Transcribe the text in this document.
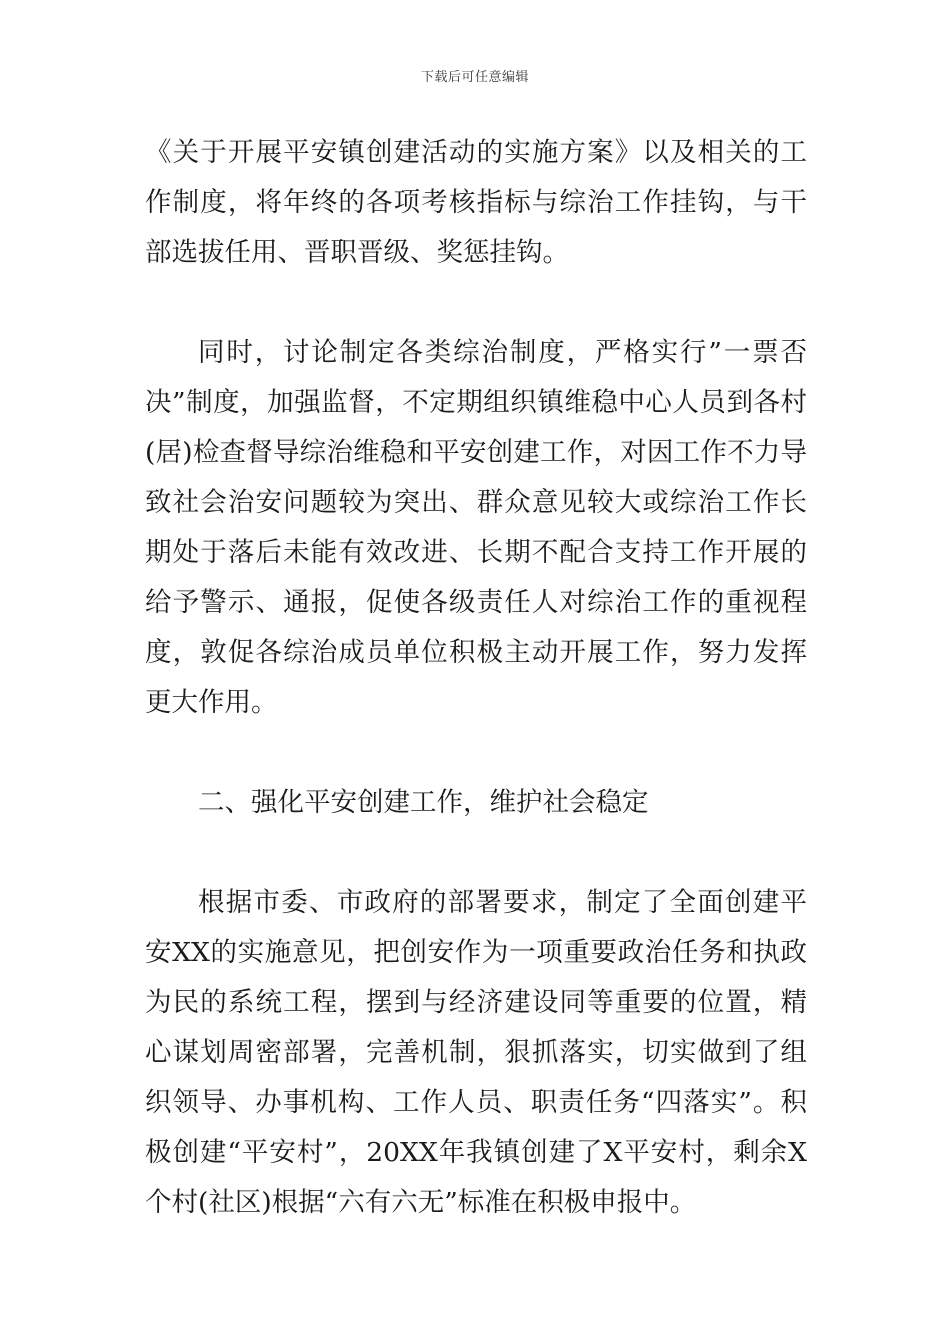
下载后可任意编辑

《关于开展平安镇创建活动的实施方案》以及相关的工作制度，将年终的各项考核指标与综治工作挂钩，与干部选拔任用、晋职晋级、奖惩挂钩。

同时，讨论制定各类综治制度，严格实行”一票否决”制度，加强监督，不定期组织镇维稳中心人员到各村(居)检查督导综治维稳和平安创建工作，对因工作不力导致社会治安问题较为突出、群众意见较大或综治工作长期处于落后未能有效改进、长期不配合支持工作开展的给予警示、通报，促使各级责任人对综治工作的重视程度，敦促各综治成员单位积极主动开展工作，努力发挥更大作用。

二、强化平安创建工作，维护社会稳定

根据市委、市政府的部署要求，制定了全面创建平安XX的实施意见，把创安作为一项重要政治任务和执政为民的系统工程，摆到与经济建设同等重要的位置，精心谋划周密部署，完善机制，狠抓落实，切实做到了组织领导、办事机构、工作人员、职责任务“四落实”。积极创建“平安村”，20XX年我镇创建了X平安村，剩余X个村(社区)根据“六有六无”标准在积极申报中。
